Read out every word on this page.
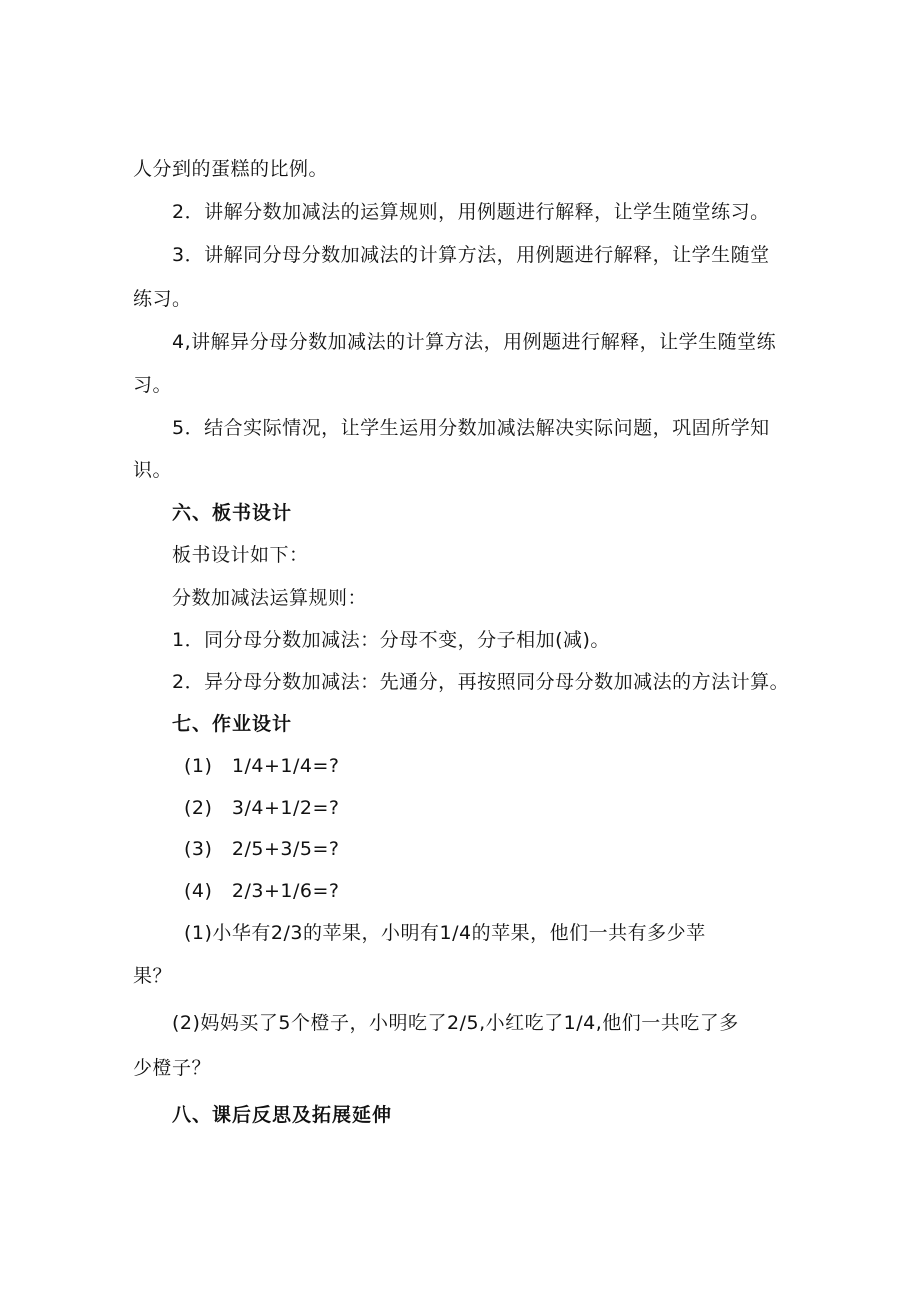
人分到的蛋糕的比例。
2．讲解分数加减法的运算规则，用例题进行解释，让学生随堂练习。
3．讲解同分母分数加减法的计算方法，用例题进行解释，让学生随堂
练习。
4,讲解异分母分数加减法的计算方法，用例题进行解释，让学生随堂练
习。
5．结合实际情况，让学生运用分数加减法解决实际问题，巩固所学知
识。
六、板书设计
板书设计如下：
分数加减法运算规则：
1．同分母分数加减法：分母不变，分子相加(减)。
2．异分母分数加减法：先通分，再按照同分母分数加减法的方法计算。
七、作业设计
(1)　1/4+1/4=?
(2)　3/4+1/2=?
(3)　2/5+3/5=?
(4)　2/3+1/6=?
(1)小华有2/3的苹果，小明有1/4的苹果，他们一共有多少苹
果？
(2)妈妈买了5个橙子，小明吃了2/5,小红吃了1/4,他们一共吃了多
少橙子？
八、课后反思及拓展延伸
